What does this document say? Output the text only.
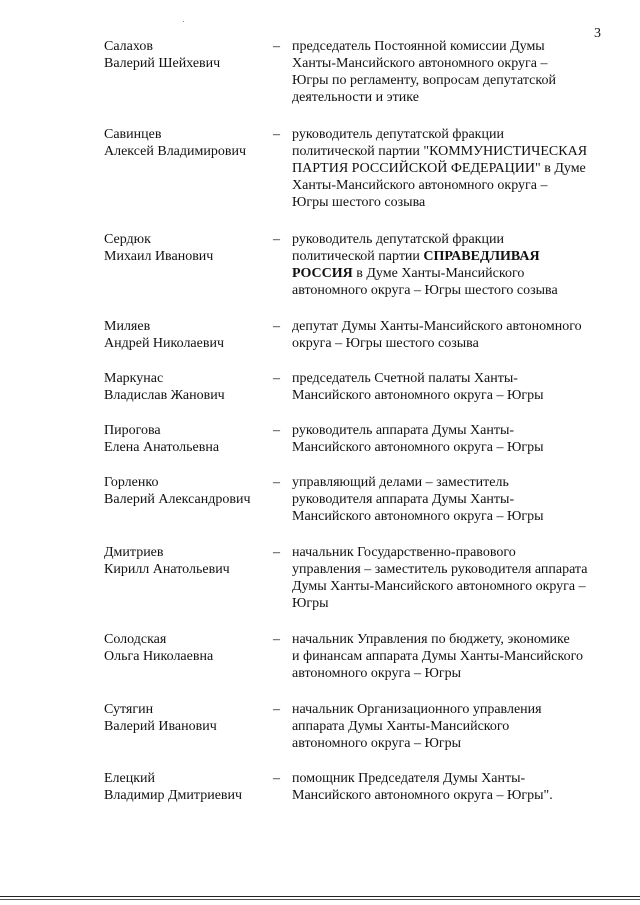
3
Салахов
Валерий Шейхевич
– председатель Постоянной комиссии Думы
Ханты-Мансийского автономного округа –
Югры по регламенту, вопросам депутатской
деятельности и этике
Савинцев
Алексей Владимирович
– руководитель депутатской фракции
политической партии "КОММУНИСТИЧЕСКАЯ
ПАРТИЯ РОССИЙСКОЙ ФЕДЕРАЦИИ" в Думе
Ханты-Мансийского автономного округа –
Югры шестого созыва
Сердюк
Михаил Иванович
– руководитель депутатской фракции
политической партии СПРАВЕДЛИВАЯ
РОССИЯ в Думе Ханты-Мансийского
автономного округа – Югры шестого созыва
Миляев
Андрей Николаевич
– депутат Думы Ханты-Мансийского автономного
округа – Югры шестого созыва
Маркунас
Владислав Жанович
– председатель Счетной палаты Ханты-
Мансийского автономного округа – Югры
Пирогова
Елена Анатольевна
– руководитель аппарата Думы Ханты-
Мансийского автономного округа – Югры
Горленко
Валерий Александрович
– управляющий делами – заместитель
руководителя аппарата Думы Ханты-
Мансийского автономного округа – Югры
Дмитриев
Кирилл Анатольевич
– начальник Государственно-правового
управления – заместитель руководителя аппарата
Думы Ханты-Мансийского автономного округа –
Югры
Солодская
Ольга Николаевна
– начальник Управления по бюджету, экономике
и финансам аппарата Думы Ханты-Мансийского
автономного округа – Югры
Сутягин
Валерий Иванович
– начальник Организационного управления
аппарата Думы Ханты-Мансийского
автономного округа – Югры
Елецкий
Владимир Дмитриевич
– помощник Председателя Думы Ханты-
Мансийского автономного округа – Югры".
